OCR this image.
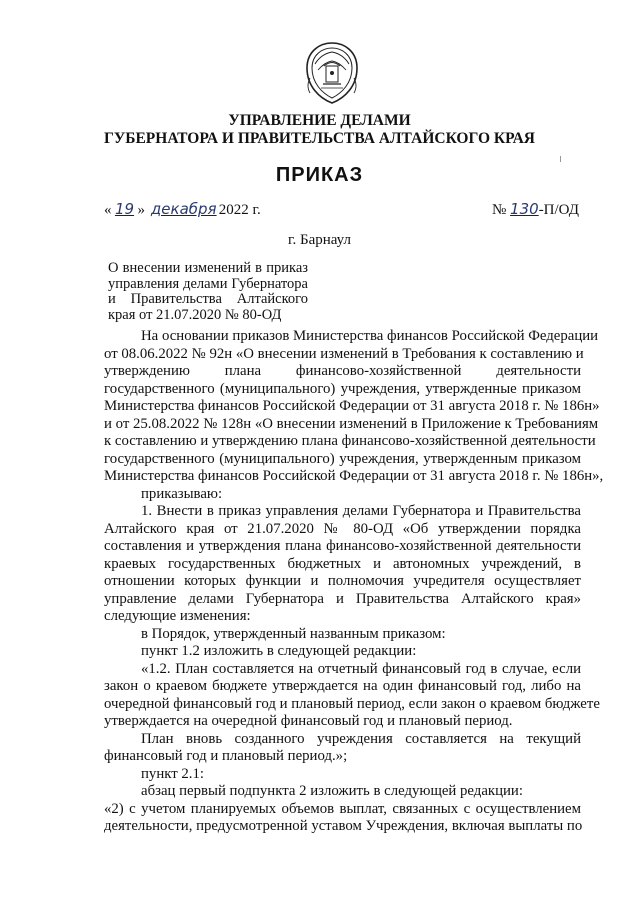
УПРАВЛЕНИЕ ДЕЛАМИ
ГУБЕРНАТОРА И ПРАВИТЕЛЬСТВА АЛТАЙСКОГО КРАЯ
ПРИКАЗ
« 19 » декабря 2022 г.	№ 130-П/ОД
г. Барнаул
О внесении изменений в приказ
управления делами Губернатора
и Правительства Алтайского
края от 21.07.2020 № 80-ОД
На основании приказов Министерства финансов Российской Федерации
от 08.06.2022 № 92н «О внесении изменений в Требования к составлению и
утверждению плана финансово-хозяйственной деятельности
государственного (муниципального) учреждения, утвержденные приказом
Министерства финансов Российской Федерации от 31 августа 2018 г. № 186н»
и от 25.08.2022 № 128н «О внесении изменений в Приложение к Требованиям
к составлению и утверждению плана финансово-хозяйственной деятельности
государственного (муниципального) учреждения, утвержденным приказом
Министерства финансов Российской Федерации от 31 августа 2018 г. № 186н»,
приказываю:
1. Внести в приказ управления делами Губернатора и Правительства
Алтайского края от 21.07.2020 № 80-ОД «Об утверждении порядка
составления и утверждения плана финансово-хозяйственной деятельности
краевых государственных бюджетных и автономных учреждений, в
отношении которых функции и полномочия учредителя осуществляет
управление делами Губернатора и Правительства Алтайского края»
следующие изменения:
в Порядок, утвержденный названным приказом:
пункт 1.2 изложить в следующей редакции:
«1.2. План составляется на отчетный финансовый год в случае, если
закон о краевом бюджете утверждается на один финансовый год, либо на
очередной финансовый год и плановый период, если закон о краевом бюджете
утверждается на очередной финансовый год и плановый период.
План вновь созданного учреждения составляется на текущий
финансовый год и плановый период.»;
пункт 2.1:
абзац первый подпункта 2 изложить в следующей редакции:
«2) с учетом планируемых объемов выплат, связанных с осуществлением
деятельности, предусмотренной уставом Учреждения, включая выплаты по
